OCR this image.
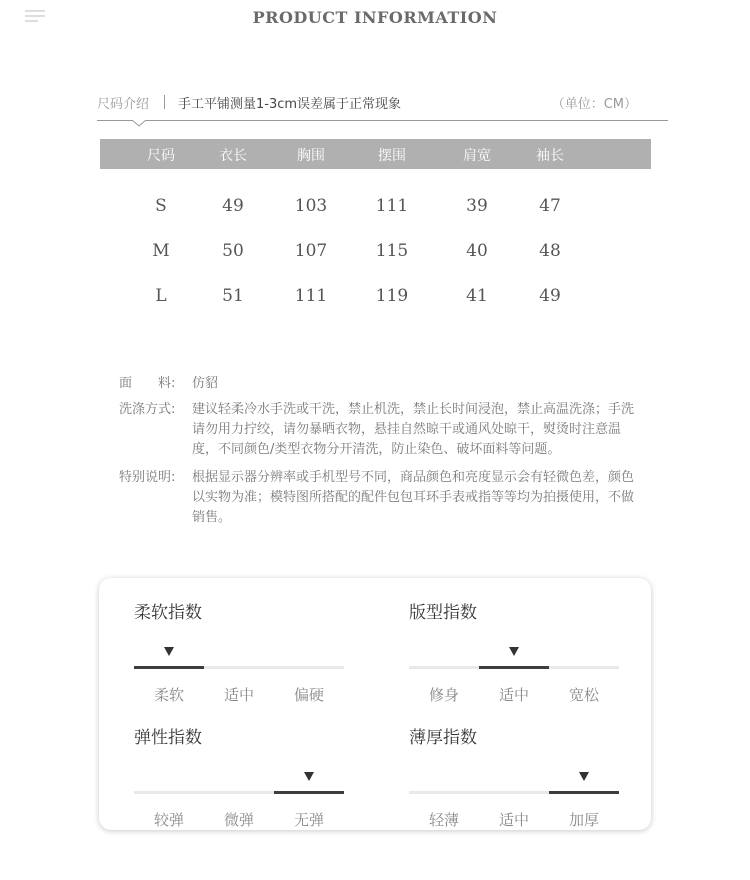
PRODUCT INFORMATION
尺码介绍 手工平铺测量1-3cm误差属于正常现象	（单位：CM）
尺码	衣长	胸围	摆围	肩宽	袖长
S	49	103	111	39	47
M	50	107	115	40	48
L	51	111	119	41	49
面　　料: 仿貂
洗涤方式: 建议轻柔冷水手洗或干洗，禁止机洗，禁止长时间浸泡，禁止高温洗涤；手洗请勿用力拧绞，请勿暴晒衣物，悬挂自然晾干或通风处晾干，熨烫时注意温度，不同颜色/类型衣物分开清洗，防止染色、破坏面料等问题。
特别说明: 根据显示器分辨率或手机型号不同，商品颜色和亮度显示会有轻微色差，颜色以实物为准；模特图所搭配的配件包包耳环手表戒指等等均为拍摄使用，不做销售。
柔软指数
柔软	适中	偏硬
版型指数
修身	适中	宽松
弹性指数
较弹	微弹	无弹
薄厚指数
轻薄	适中	加厚
